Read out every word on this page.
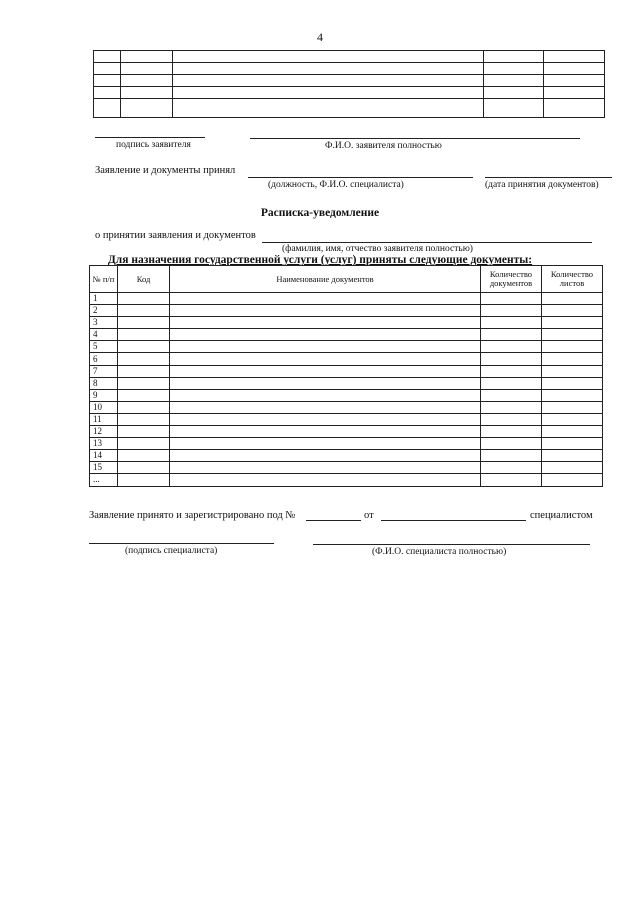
4
подпись заявителя	Ф.И.О. заявителя полностью
Заявление и документы принял
(должность, Ф.И.О. специалиста)	(дата принятия документов)
Расписка-уведомление
о принятии заявления и документов
(фамилия, имя, отчество заявителя полностью)
Для назначения государственной услуги (услуг) приняты следующие документы:
№ п/п	Код	Наименование документов	Количество документов	Количество листов
1				
2				
3				
4				
5				
6				
7				
8				
9				
10				
11				
12				
13				
14				
15				
...				
Заявление принято и зарегистрировано под №	от	специалистом
(подпись специалиста)	(Ф.И.О. специалиста полностью)
